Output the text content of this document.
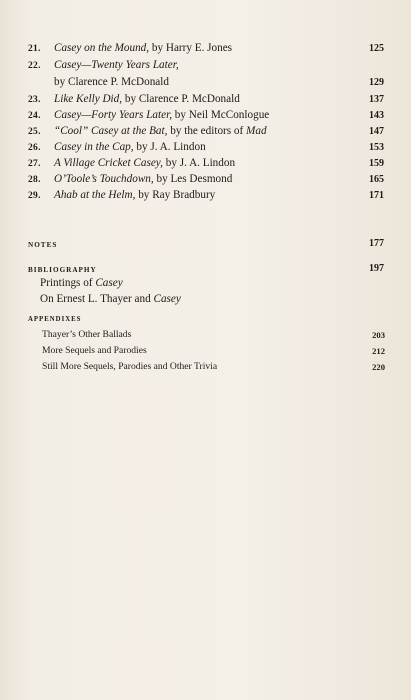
21. Casey on the Mound, by Harry E. Jones	125
22. Casey—Twenty Years Later,
by Clarence P. McDonald	129
23. Like Kelly Did, by Clarence P. McDonald	137
24. Casey—Forty Years Later, by Neil McConlogue	143
25. “Cool” Casey at the Bat, by the editors of Mad	147
26. Casey in the Cap, by J. A. Lindon	153
27. A Village Cricket Casey, by J. A. Lindon	159
28. O’Toole’s Touchdown, by Les Desmond	165
29. Ahab at the Helm, by Ray Bradbury	171
NOTES	177
BIBLIOGRAPHY	197
Printings of Casey
On Ernest L. Thayer and Casey
APPENDIXES
Thayer’s Other Ballads	203
More Sequels and Parodies	212
Still More Sequels, Parodies and Other Trivia	220
